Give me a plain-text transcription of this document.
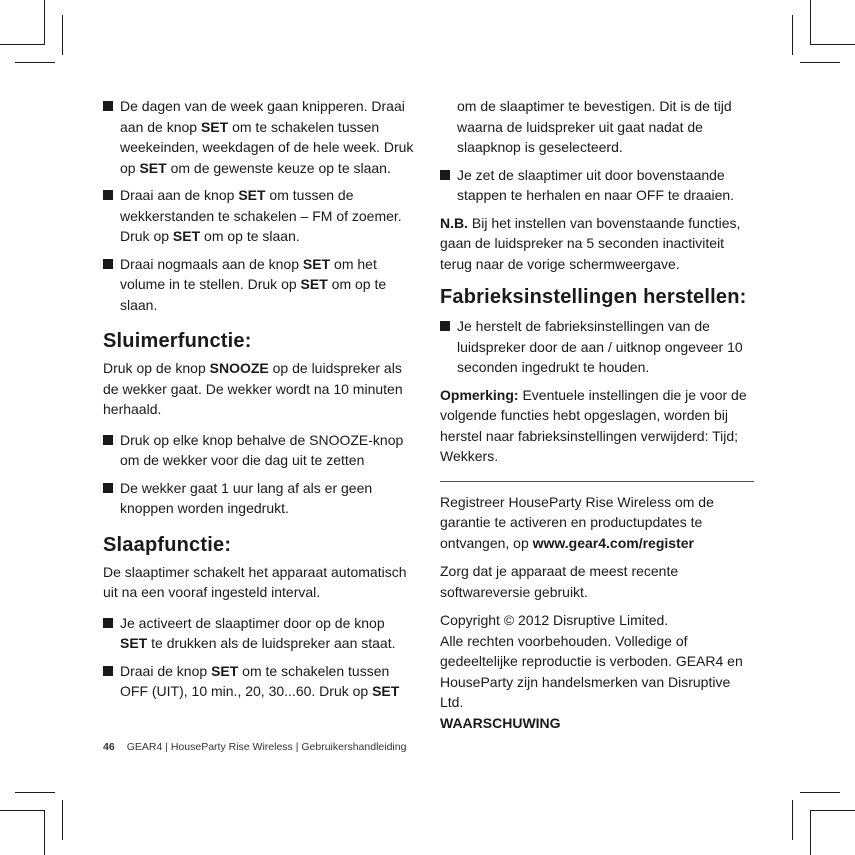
De dagen van de week gaan knipperen. Draai aan de knop SET om te schakelen tussen weekeinden, weekdagen of de hele week. Druk op SET om de gewenste keuze op te slaan.
Draai aan de knop SET om tussen de wekkerstanden te schakelen – FM of zoemer. Druk op SET om op te slaan.
Draai nogmaals aan de knop SET om het volume in te stellen. Druk op SET om op te slaan.
Sluimerfunctie:

Druk op de knop SNOOZE op de luidspreker als de wekker gaat. De wekker wordt na 10 minuten herhaald.

Druk op elke knop behalve de SNOOZE-knop om de wekker voor die dag uit te zetten
De wekker gaat 1 uur lang af als er geen knoppen worden ingedrukt.
Slaapfunctie:

De slaaptimer schakelt het apparaat automatisch uit na een vooraf ingesteld interval.

Je activeert de slaaptimer door op de knop SET te drukken als de luidspreker aan staat.
Draai de knop SET om te schakelen tussen OFF (UIT), 10 min., 20, 30...60. Druk op SET
om de slaaptimer te bevestigen. Dit is de tijd waarna de luidspreker uit gaat nadat de slaapknop is geselecteerd.
Je zet de slaaptimer uit door bovenstaande stappen te herhalen en naar OFF te draaien.

N.B. Bij het instellen van bovenstaande functies, gaan de luidspreker na 5 seconden inactiviteit terug naar de vorige schermweergave.

Fabrieksinstellingen herstellen:
Je herstelt de fabrieksinstellingen van de luidspreker door de aan / uitknop ongeveer 10 seconden ingedrukt te houden.

Opmerking: Eventuele instellingen die je voor de volgende functies hebt opgeslagen, worden bij herstel naar fabrieksinstellingen verwijderd: Tijd; Wekkers.

Registreer HouseParty Rise Wireless om de garantie te activeren en productupdates te ontvangen, op www.gear4.com/register

Zorg dat je apparaat de meest recente softwareversie gebruikt.

Copyright © 2012 Disruptive Limited.

Alle rechten voorbehouden. Volledige of gedeeltelijke reproductie is verboden. GEAR4 en HouseParty zijn handelsmerken van Disruptive Ltd.

WAARSCHUWING

46 GEAR4 | HouseParty Rise Wireless | Gebruikershandleiding
